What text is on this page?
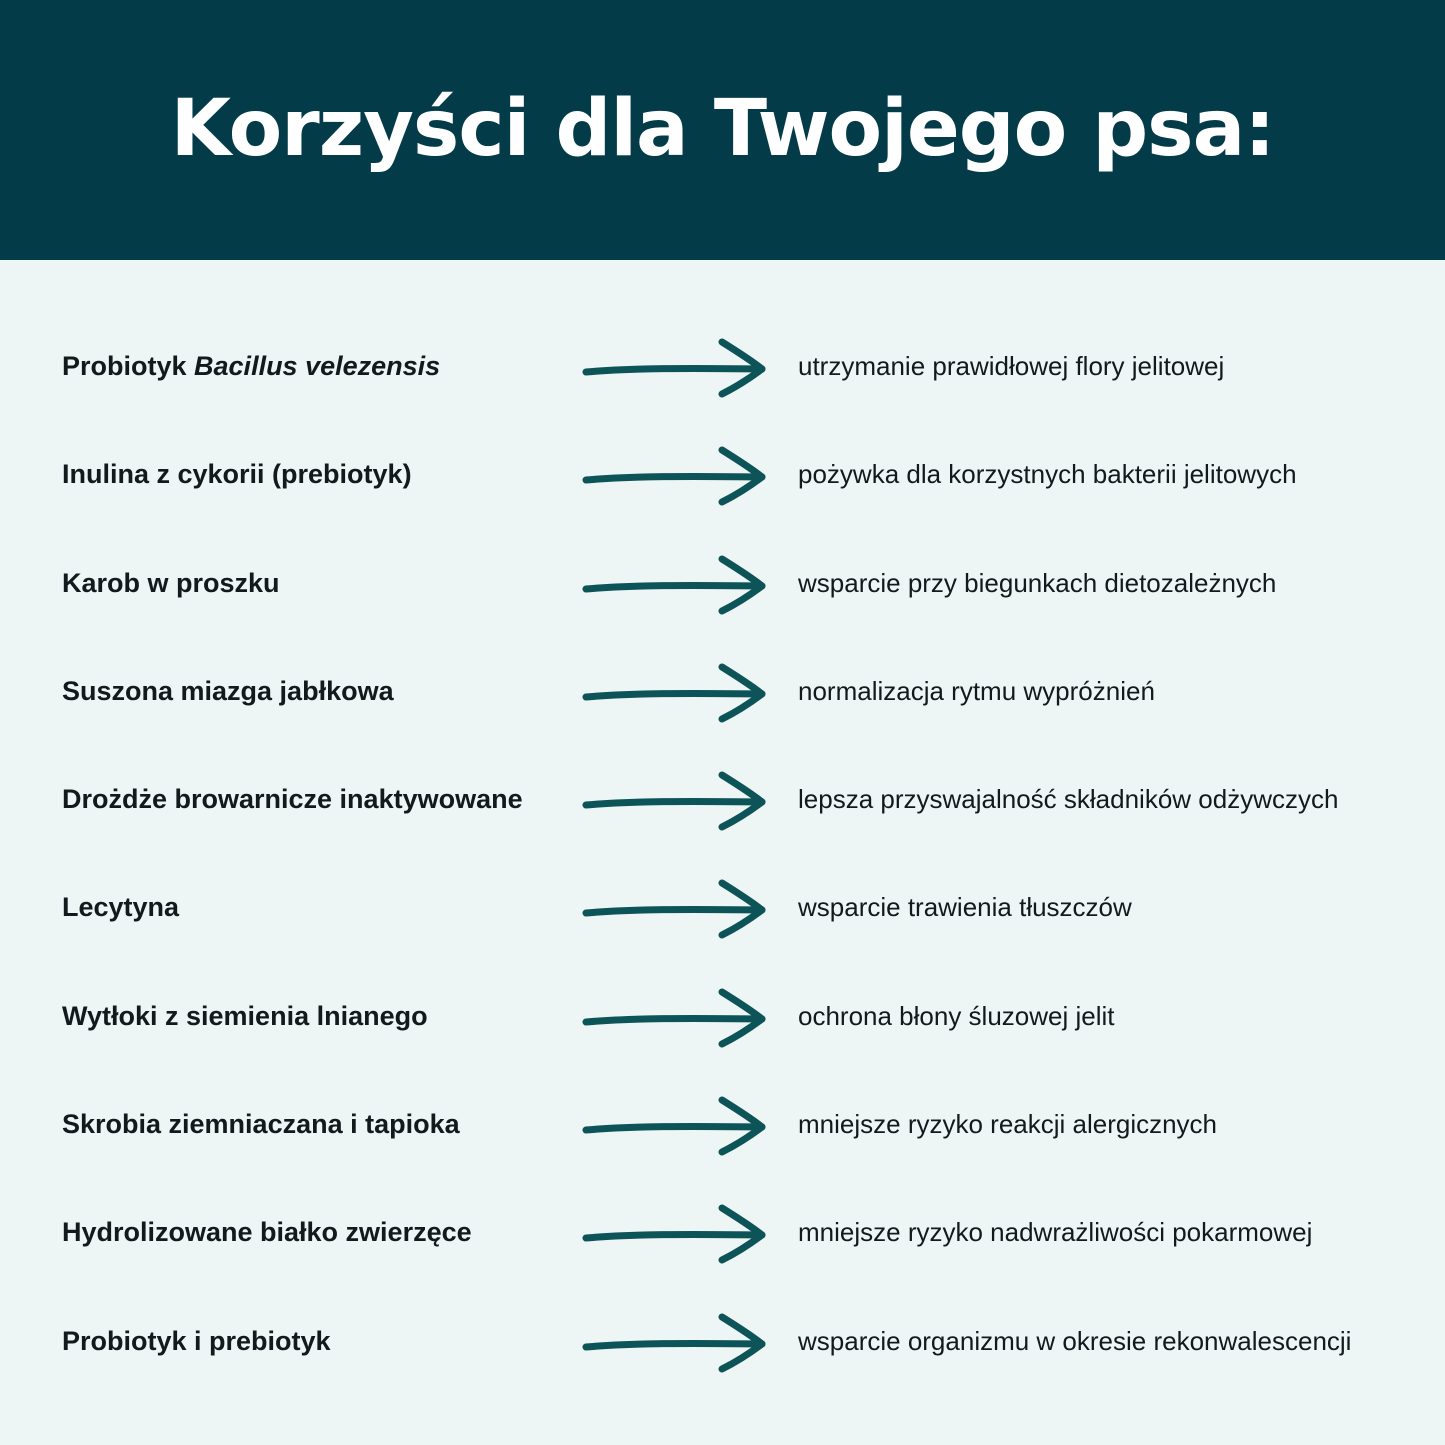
Korzyści dla Twojego psa:
Probiotyk Bacillus velezensis	utrzymanie prawidłowej flory jelitowej
Inulina z cykorii (prebiotyk)	pożywka dla korzystnych bakterii jelitowych
Karob w proszku	wsparcie przy biegunkach dietozależnych
Suszona miazga jabłkowa	normalizacja rytmu wypróżnień
Drożdże browarnicze inaktywowane	lepsza przyswajalność składników odżywczych
Lecytyna	wsparcie trawienia tłuszczów
Wytłoki z siemienia lnianego	ochrona błony śluzowej jelit
Skrobia ziemniaczana i tapioka	mniejsze ryzyko reakcji alergicznych
Hydrolizowane białko zwierzęce	mniejsze ryzyko nadwrażliwości pokarmowej
Probiotyk i prebiotyk	wsparcie organizmu w okresie rekonwalescencji
